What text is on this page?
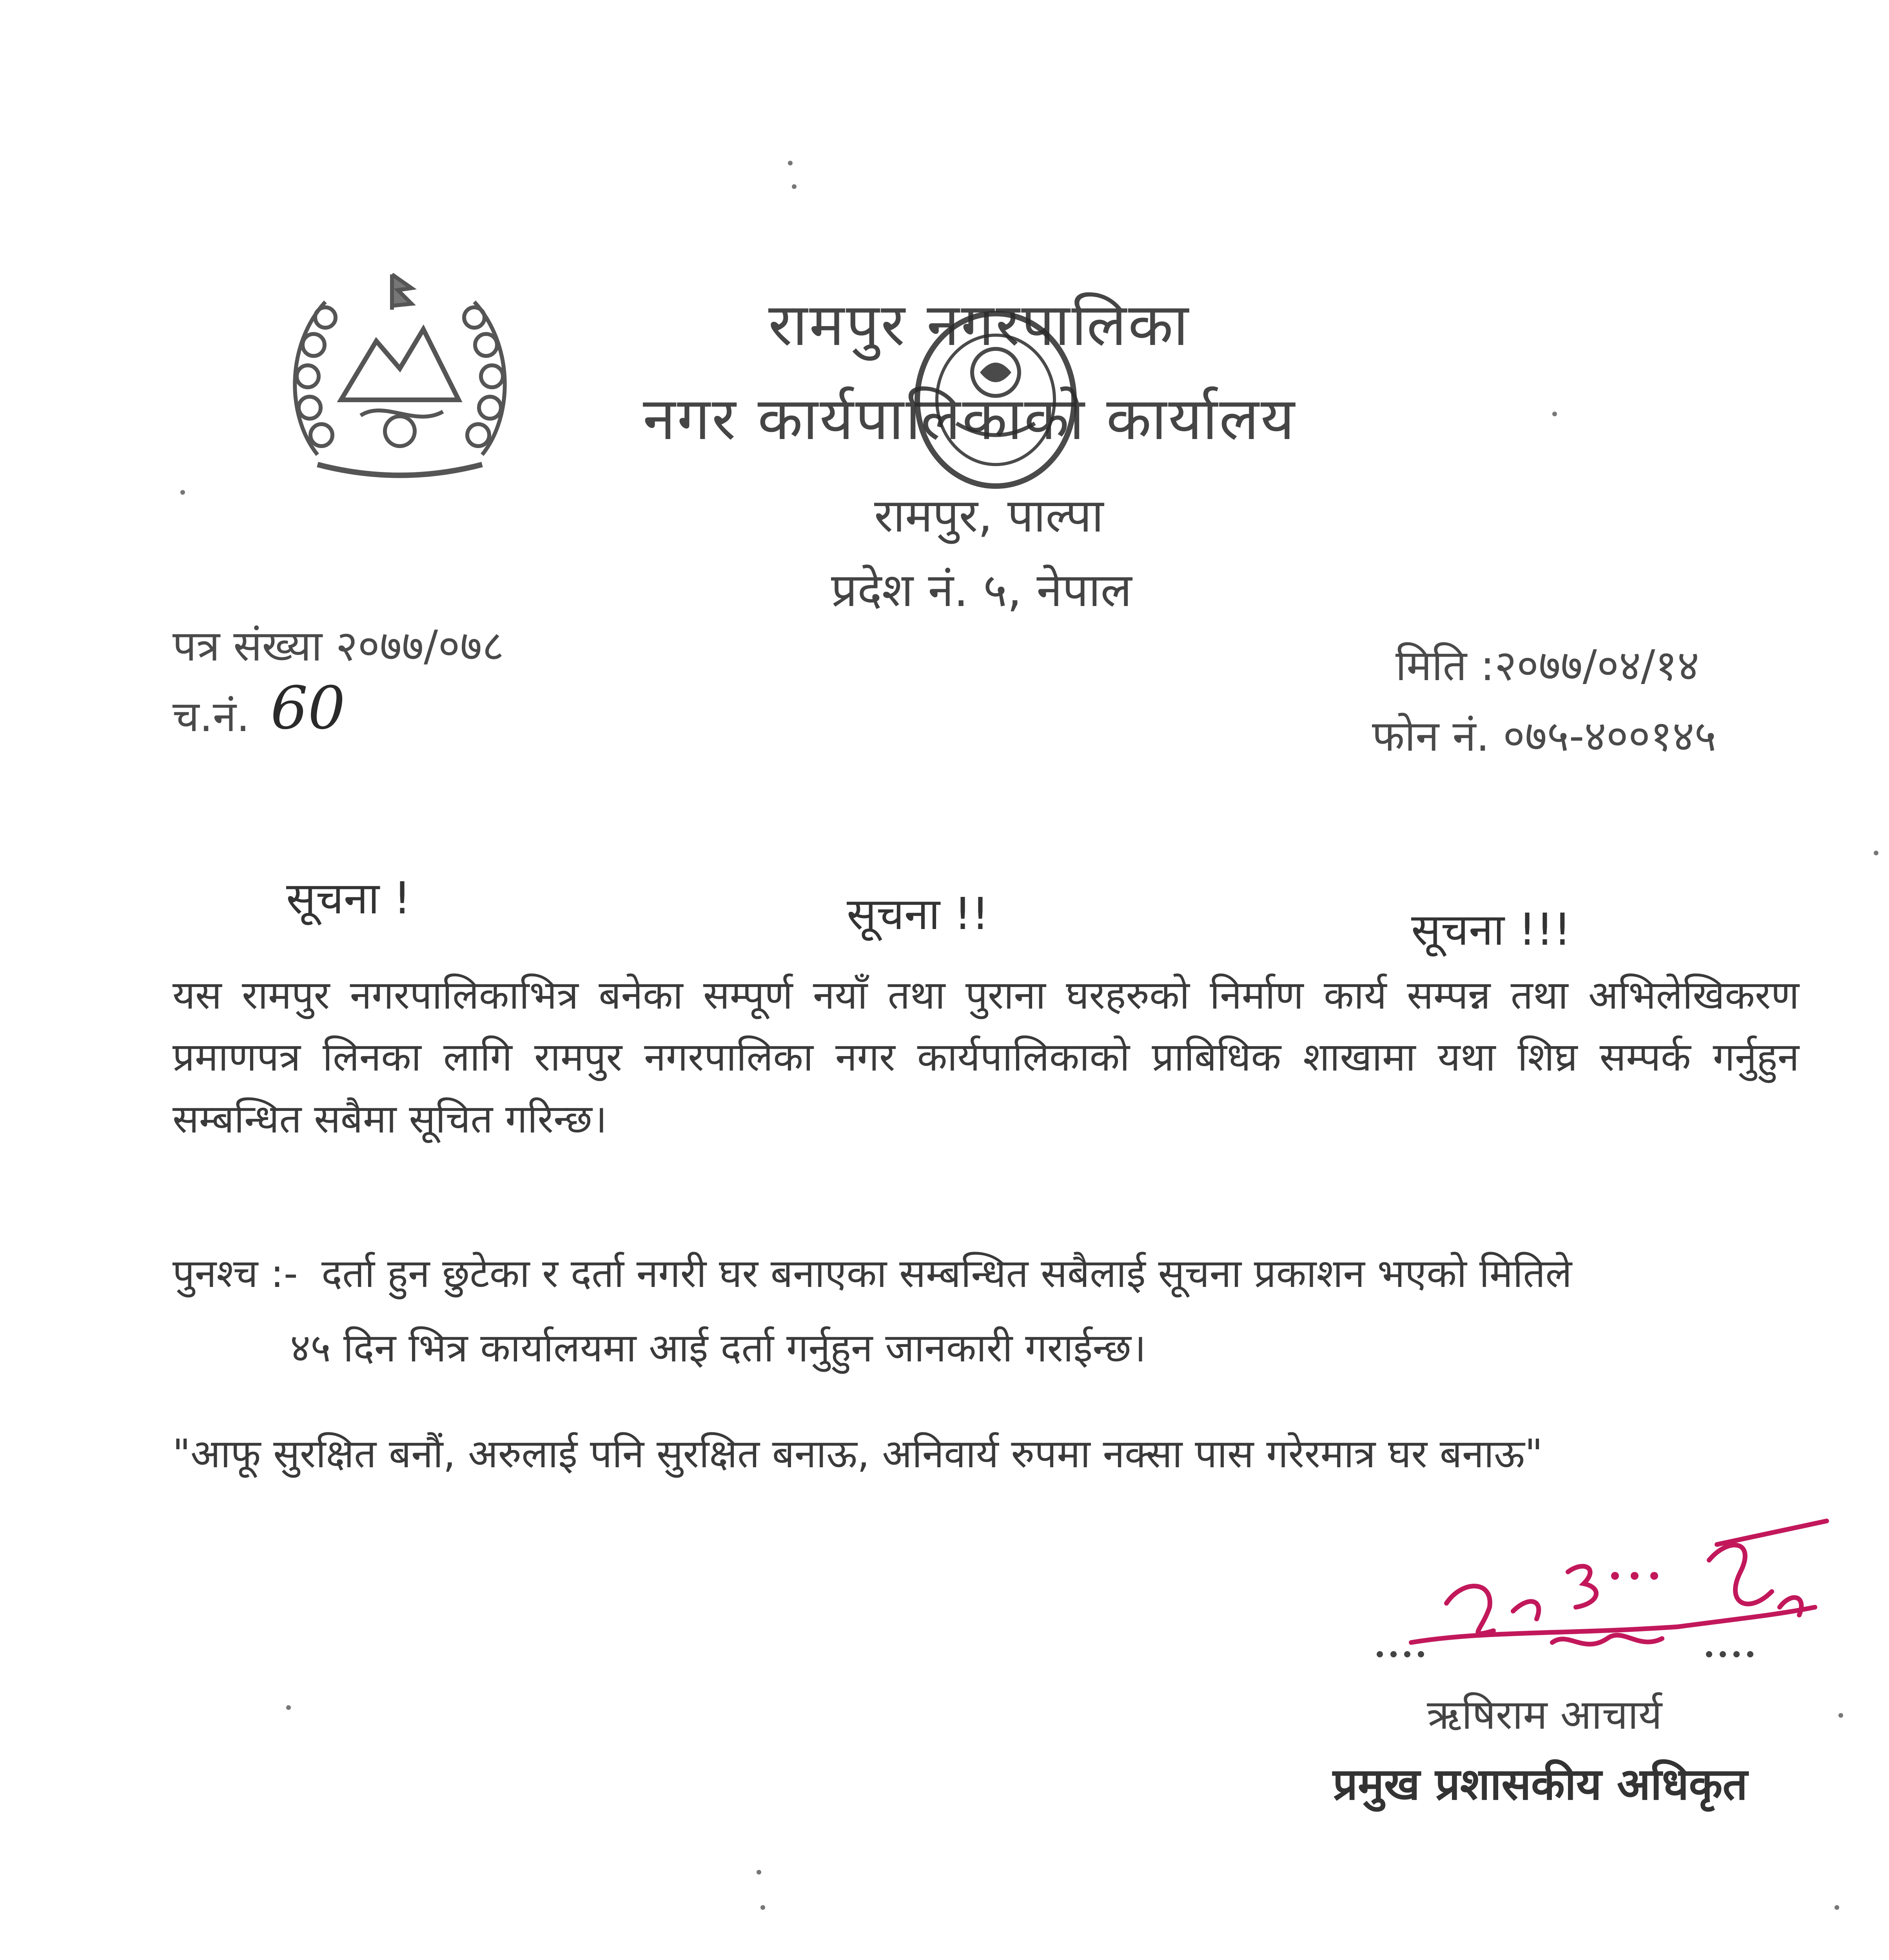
रामपुर नगरपालिका
नगर कार्यपालिकाको कार्यालय
रामपुर, पाल्पा
प्रदेश नं. ५, नेपाल
पत्र संख्या २०७७/०७८
च.नं. 60
मिति :२०७७/०४/१४
फोन नं. ०७५-४००१४५
सूचना !	सूचना !!	सूचना !!!
यस रामपुर नगरपालिकाभित्र बनेका सम्पूर्ण नयाँ तथा पुराना घरहरुको निर्माण कार्य सम्पन्न तथा अभिलेखिकरण प्रमाणपत्र लिनका लागि रामपुर नगरपालिका नगर कार्यपालिकाको प्राबिधिक शाखामा यथा शिघ्र सम्पर्क गर्नुहुन सम्बन्धित सबैमा सूचित गरिन्छ।
पुनश्च :- दर्ता हुन छुटेका र दर्ता नगरी घर बनाएका सम्बन्धित सबैलाई सूचना प्रकाशन भएको मितिले
४५ दिन भित्र कार्यालयमा आई दर्ता गर्नुहुन जानकारी गराईन्छ।
"आफू सुरक्षित बनौं, अरुलाई पनि सुरक्षित बनाऊ, अनिवार्य रुपमा नक्सा पास गरेरमात्र घर बनाऊ"
ऋषिराम आचार्य
प्रमुख प्रशासकीय अधिकृत
